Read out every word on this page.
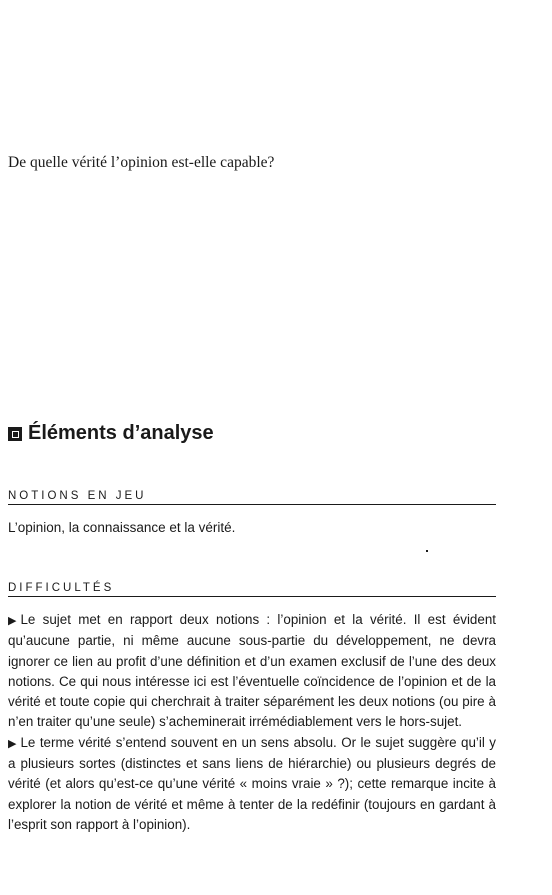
De quelle vérité l’opinion est-elle capable?
Éléments d’analyse
NOTIONS EN JEU

L’opinion, la connaissance et la vérité.

DIFFICULTÉS

▶ Le sujet met en rapport deux notions : l’opinion et la vérité. Il est évident qu’aucune partie, ni même aucune sous-partie du développement, ne devra ignorer ce lien au profit d’une définition et d’un examen exclusif de l’une des deux notions. Ce qui nous intéresse ici est l’éventuelle coïncidence de l’opinion et de la vérité et toute copie qui cherchrait à traiter séparément les deux notions (ou pire à n’en traiter qu’une seule) s’acheminerait irrémédiablement vers le hors-sujet.

▶ Le terme vérité s’entend souvent en un sens absolu. Or le sujet suggère qu’il y a plusieurs sortes (distinctes et sans liens de hiérarchie) ou plusieurs degrés de vérité (et alors qu’est-ce qu’une vérité « moins vraie » ?); cette remarque incite à explorer la notion de vérité et même à tenter de la redéfinir (toujours en gardant à l’esprit son rapport à l’opinion).
